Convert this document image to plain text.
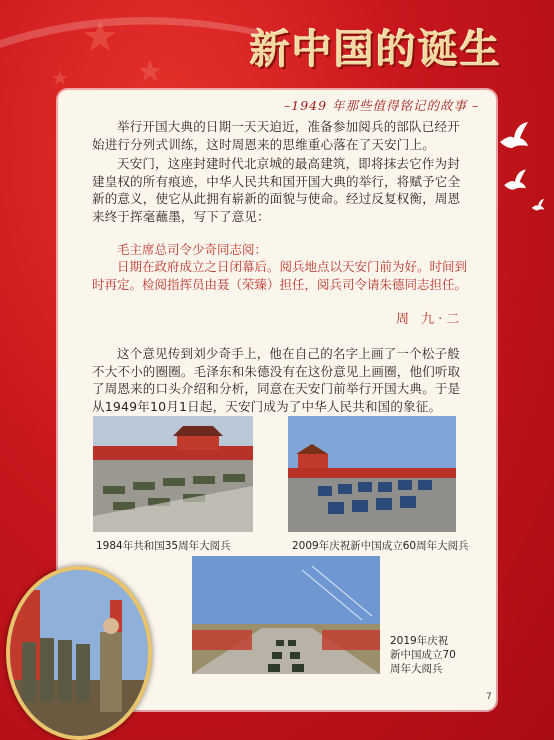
新中国的诞生
–1949 年那些值得铭记的故事 –

举行开国大典的日期一天天迫近，准备参加阅兵的部队已经开始进行分列式训练，这时周恩来的思维重心落在了天安门上。

天安门，这座封建时代北京城的最高建筑，即将抹去它作为封建皇权的所有痕迹，中华人民共和国开国大典的举行，将赋予它全新的意义，使它从此拥有崭新的面貌与使命。经过反复权衡，周恩来终于挥毫蘸墨，写下了意见：

毛主席总司令少奇同志阅：

日期在政府成立之日闭幕后。阅兵地点以天安门前为好。时间到时再定。检阅指挥员由聂（荣臻）担任，阅兵司令请朱德同志担任。

周 九·二

这个意见传到刘少奇手上，他在自己的名字上画了一个松子般不大不小的圈圈。毛泽东和朱德没有在这份意见上画圈，他们听取了周恩来的口头介绍和分析，同意在天安门前举行开国大典。于是从1949年10月1日起，天安门成为了中华人民共和国的象征。

1984年共和国35周年大阅兵	2009年庆祝新中国成立60周年大阅兵
2019年庆祝新中国成立70周年大阅兵
7
